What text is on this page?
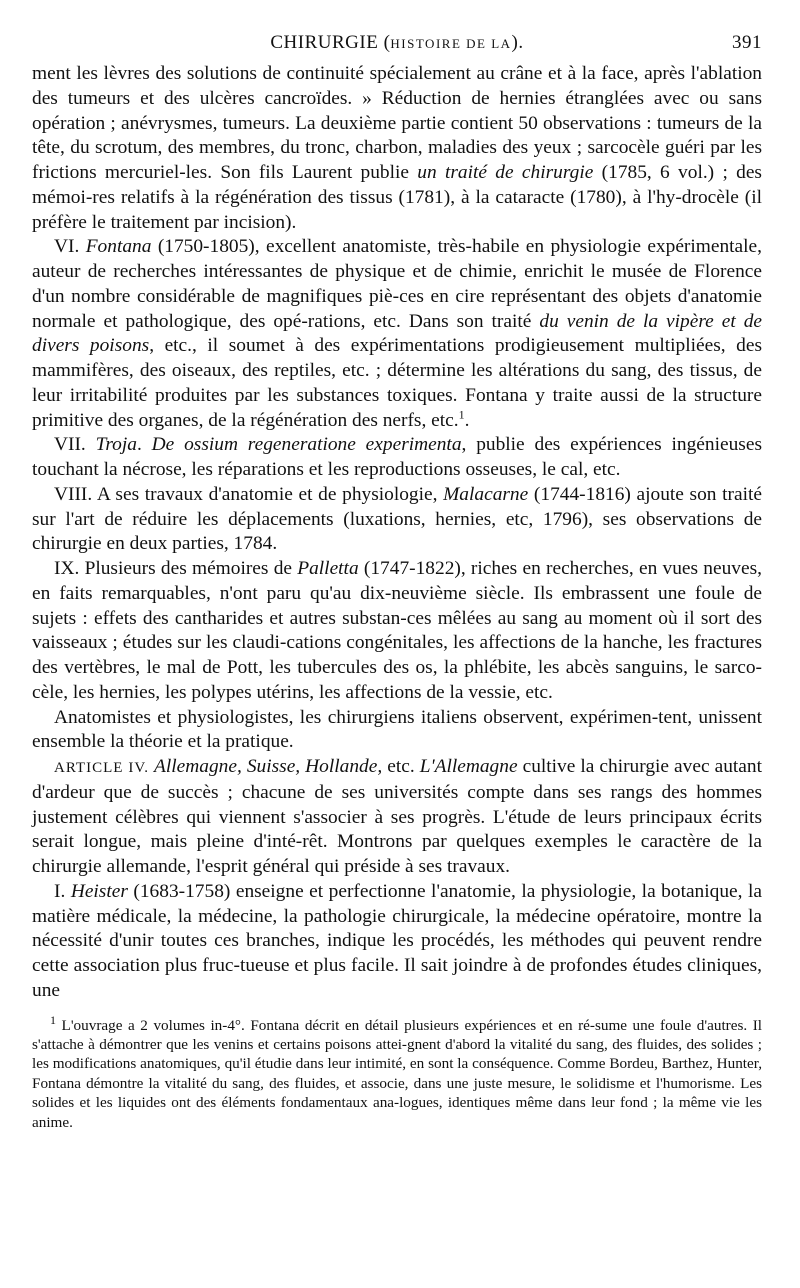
CHIRURGIE (HISTOIRE DE LA).	391

ment les lèvres des solutions de continuité spécialement au crâne et à la face, après l'ablation des tumeurs et des ulcères cancroïdes. » Réduction de hernies étranglées avec ou sans opération ; anévrysmes, tumeurs. La deuxième partie contient 50 observations : tumeurs de la tête, du scrotum, des membres, du tronc, charbon, maladies des yeux ; sarcocèle guéri par les frictions mercuriel-les. Son fils Laurent publie un traité de chirurgie (1785, 6 vol.) ; des mémoi-res relatifs à la régénération des tissus (1781), à la cataracte (1780), à l'hy-drocèle (il préfère le traitement par incision).

VI. Fontana (1750-1805), excellent anatomiste, très-habile en physiologie expérimentale, auteur de recherches intéressantes de physique et de chimie, enrichit le musée de Florence d'un nombre considérable de magnifiques piè-ces en cire représentant des objets d'anatomie normale et pathologique, des opé-rations, etc. Dans son traité du venin de la vipère et de divers poisons, etc., il soumet à des expérimentations prodigieusement multipliées, des mammifères, des oiseaux, des reptiles, etc. ; détermine les altérations du sang, des tissus, de leur irritabilité produites par les substances toxiques. Fontana y traite aussi de la structure primitive des organes, de la régénération des nerfs, etc.$^1$.

VII. Troja. De ossium regeneratione experimenta, publie des expériences ingénieuses touchant la nécrose, les réparations et les reproductions osseuses, le cal, etc.

VIII. A ses travaux d'anatomie et de physiologie, Malacarne (1744-1816) ajoute son traité sur l'art de réduire les déplacements (luxations, hernies, etc, 1796), ses observations de chirurgie en deux parties, 1784.

IX. Plusieurs des mémoires de Palletta (1747-1822), riches en recherches, en vues neuves, en faits remarquables, n'ont paru qu'au dix-neuvième siècle. Ils embrassent une foule de sujets : effets des cantharides et autres substan-ces mêlées au sang au moment où il sort des vaisseaux ; études sur les claudi-cations congénitales, les affections de la hanche, les fractures des vertèbres, le mal de Pott, les tubercules des os, la phlébite, les abcès sanguins, le sarco-cèle, les hernies, les polypes utérins, les affections de la vessie, etc.

Anatomistes et physiologistes, les chirurgiens italiens observent, expérimen-tent, unissent ensemble la théorie et la pratique.

ARTICLE IV. Allemagne, Suisse, Hollande, etc. L'Allemagne cultive la chirurgie avec autant d'ardeur que de succès ; chacune de ses universités compte dans ses rangs des hommes justement célèbres qui viennent s'associer à ses progrès. L'étude de leurs principaux écrits serait longue, mais pleine d'inté-rêt. Montrons par quelques exemples le caractère de la chirurgie allemande, l'esprit général qui préside à ses travaux.

I. Heister (1683-1758) enseigne et perfectionne l'anatomie, la physiologie, la botanique, la matière médicale, la médecine, la pathologie chirurgicale, la médecine opératoire, montre la nécessité d'unir toutes ces branches, indique les procédés, les méthodes qui peuvent rendre cette association plus fruc-tueuse et plus facile. Il sait joindre à de profondes études cliniques, une

$^1$ L'ouvrage a 2 volumes in-4°. Fontana décrit en détail plusieurs expériences et en ré-sume une foule d'autres. Il s'attache à démontrer que les venins et certains poisons attei-gnent d'abord la vitalité du sang, des fluides, des solides ; les modifications anatomiques, qu'il étudie dans leur intimité, en sont la conséquence. Comme Bordeu, Barthez, Hunter, Fontana démontre la vitalité du sang, des fluides, et associe, dans une juste mesure, le solidisme et l'humorisme. Les solides et les liquides ont des éléments fondamentaux ana-logues, identiques même dans leur fond ; la même vie les anime.
